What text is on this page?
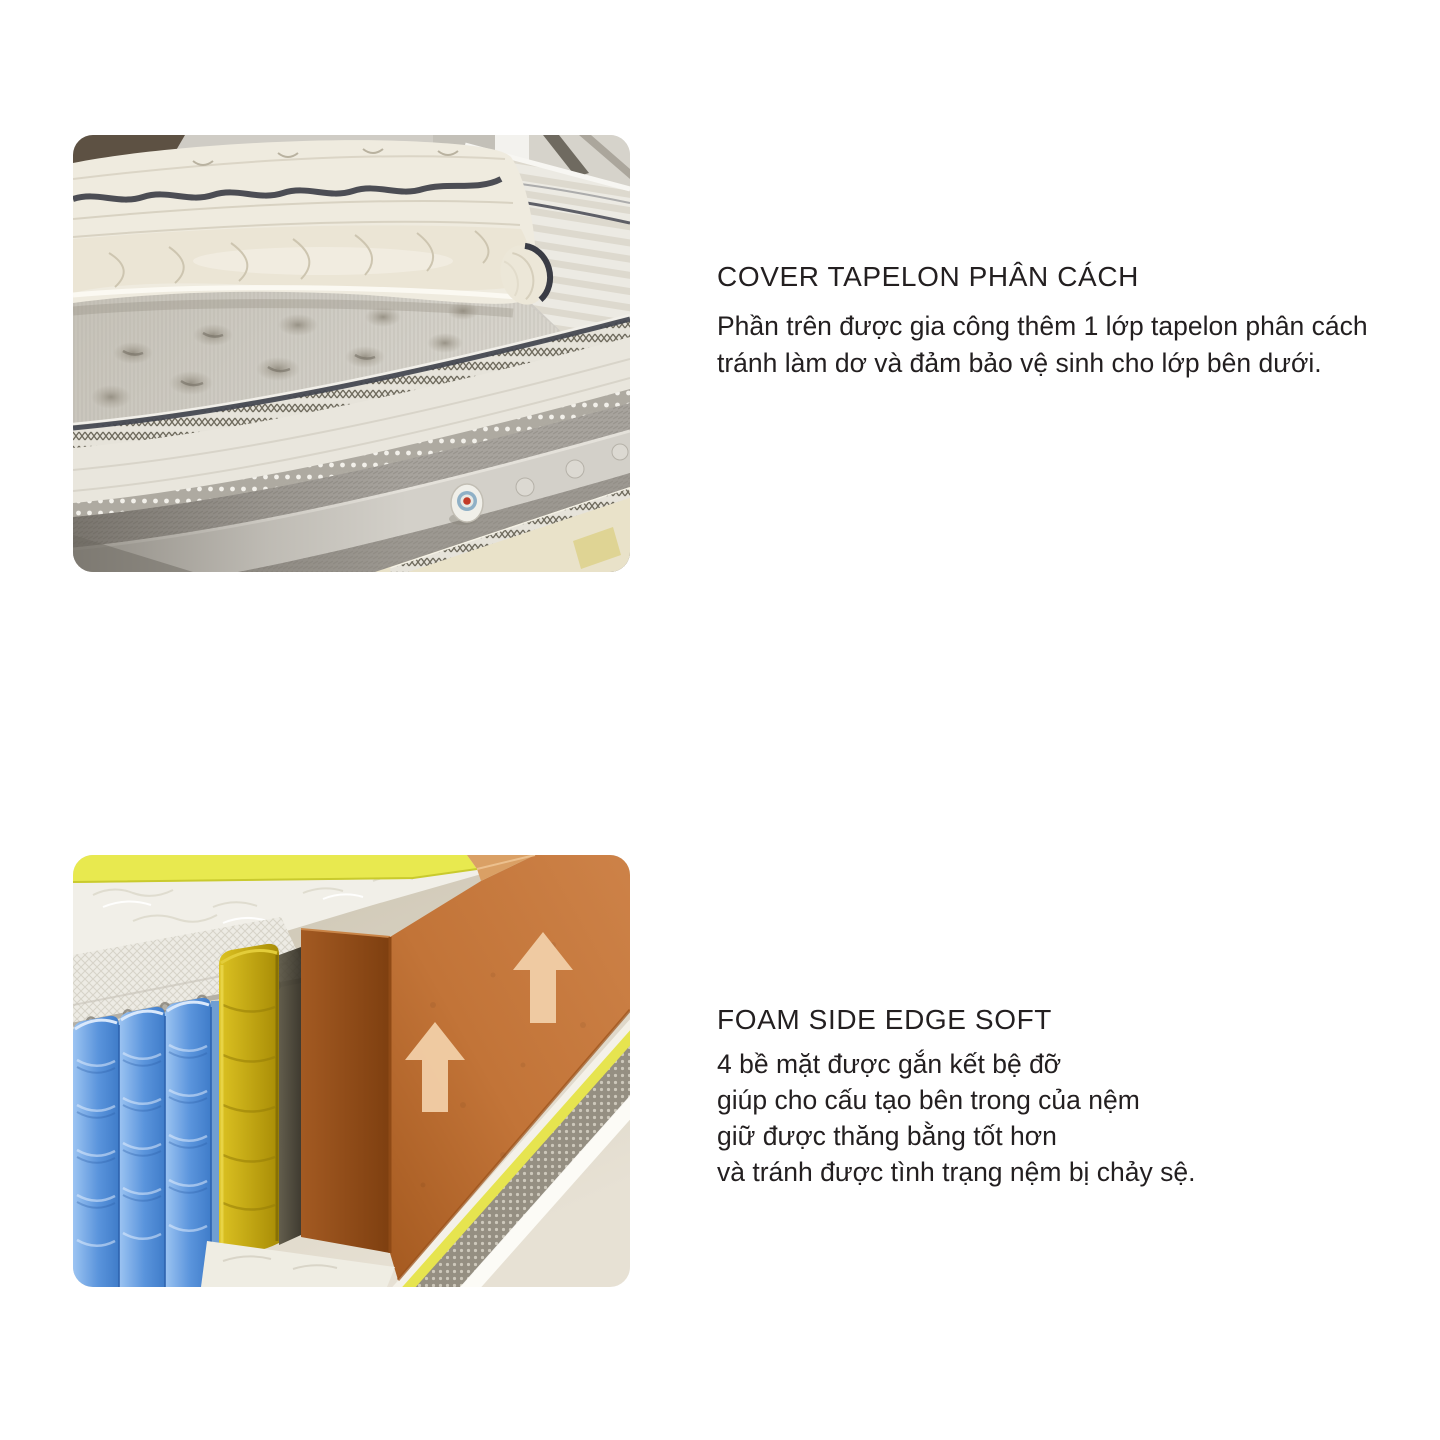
COVER TAPELON PHÂN CÁCH

Phần trên được gia công thêm 1 lớp tapelon phân cách

tránh làm dơ và đảm bảo vệ sinh cho lớp bên dưới.

FOAM SIDE EDGE SOFT

4 bề mặt được gắn kết bệ đỡ

giúp cho cấu tạo bên trong của nệm

giữ được thăng bằng tốt hơn

và tránh được tình trạng nệm bị chảy sệ.
